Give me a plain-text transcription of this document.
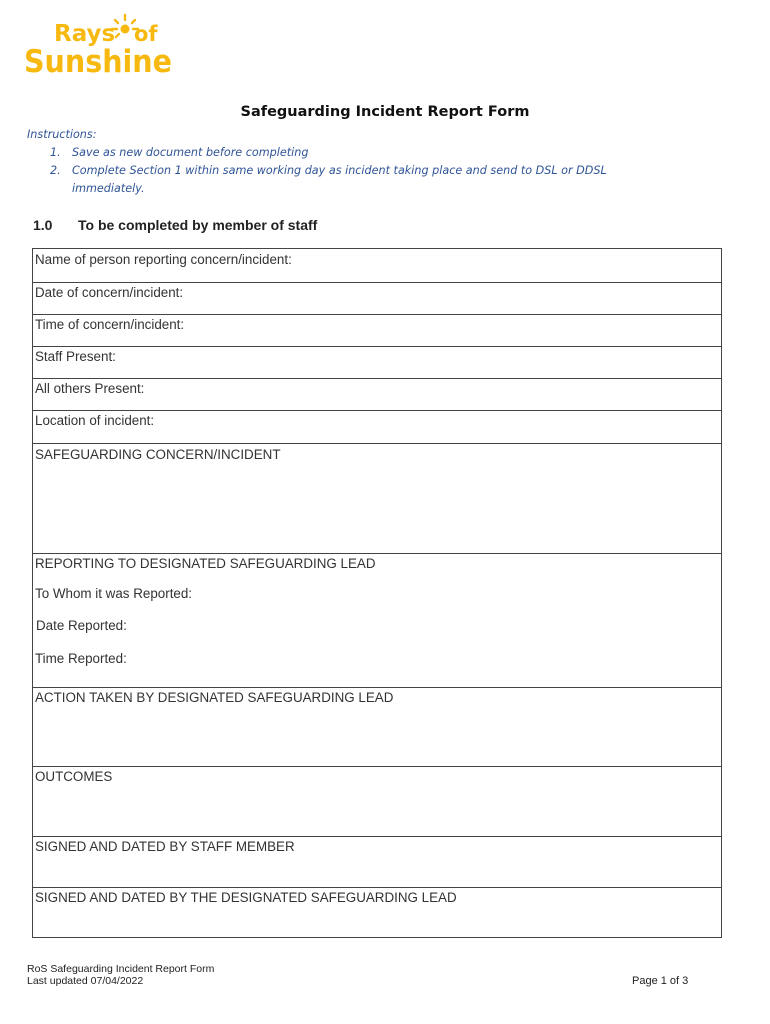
Rays of
Sunshine
Safeguarding Incident Report Form
Instructions:
1. Save as new document before completing
2. Complete Section 1 within same working day as incident taking place and send to DSL or DDSL
immediately.
1.0 To be completed by member of staff
Name of person reporting concern/incident:
Date of concern/incident:
Time of concern/incident:
Staff Present:
All others Present:
Location of incident:
SAFEGUARDING CONCERN/INCIDENT
REPORTING TO DESIGNATED SAFEGUARDING LEAD
To Whom it was Reported:
Date Reported:
Time Reported:
ACTION TAKEN BY DESIGNATED SAFEGUARDING LEAD
OUTCOMES
SIGNED AND DATED BY STAFF MEMBER
SIGNED AND DATED BY THE DESIGNATED SAFEGUARDING LEAD
RoS Safeguarding Incident Report Form
Last updated 07/04/2022	Page 1 of 3
